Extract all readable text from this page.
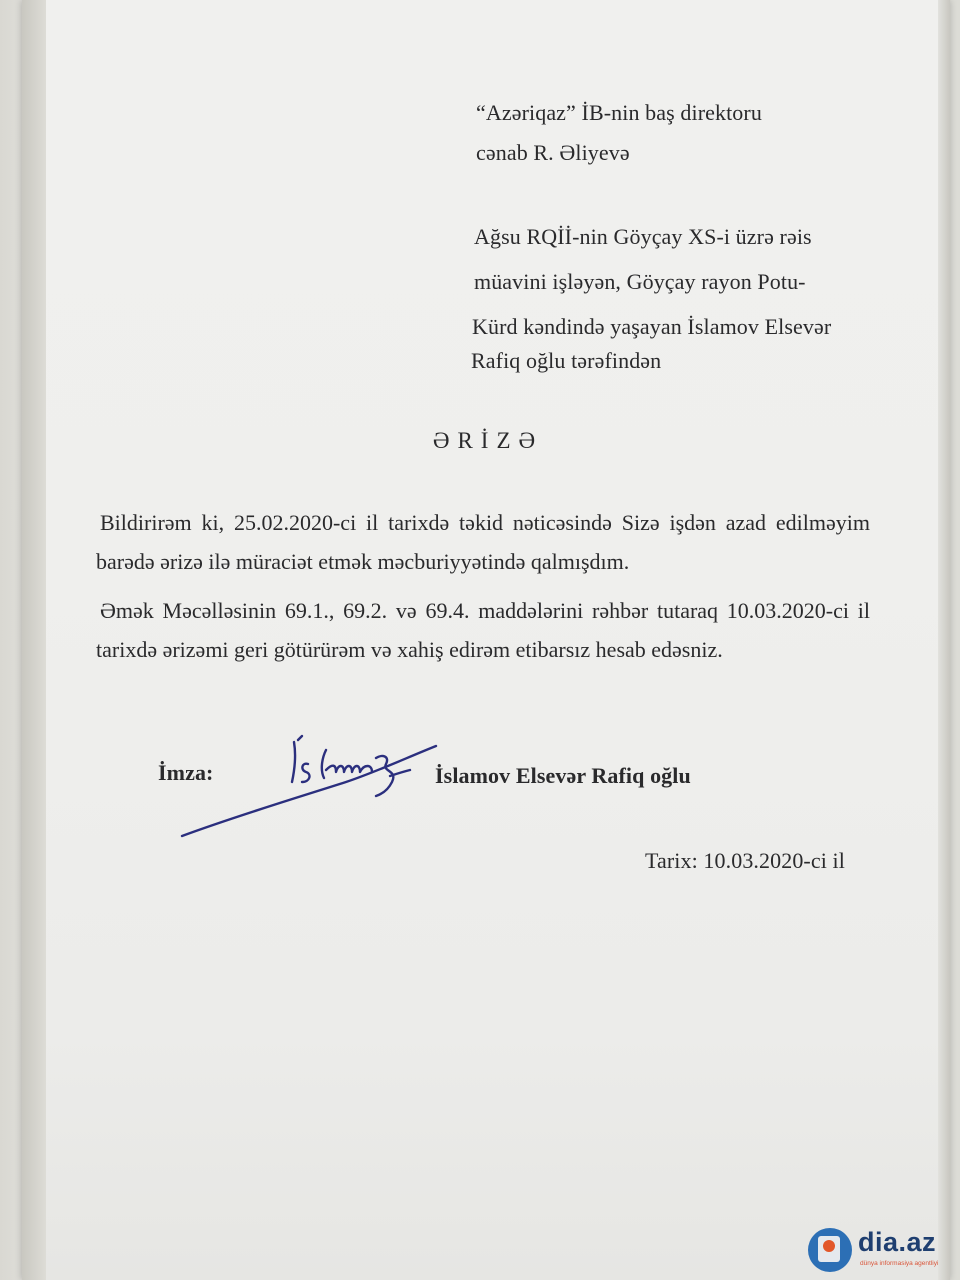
“Azəriqaz” İB-nin baş direktoru
cənab R. Əliyevə
Ağsu RQİİ-nin Göyçay XS-i üzrə rəis
müavini işləyən, Göyçay rayon Potu-
Kürd kəndində yaşayan İslamov Elsevər
Rafiq oğlu tərəfindən
ƏRİZƏ
Bildirirəm ki, 25.02.2020-ci il tarixdə təkid nəticəsində Sizə işdən azad edilməyim barədə ərizə ilə müraciət etmək məcburiyyətində qalmışdım.
Əmək Məcəlləsinin 69.1., 69.2. və 69.4. maddələrini rəhbər tutaraq 10.03.2020-ci il tarixdə ərizəmi geri götürürəm və xahiş edirəm etibarsız hesab edəsniz.
İmza:	İslamov Elsevər Rafiq oğlu
Tarix: 10.03.2020-ci il
dia.az
dünya informasiya agentliyi
